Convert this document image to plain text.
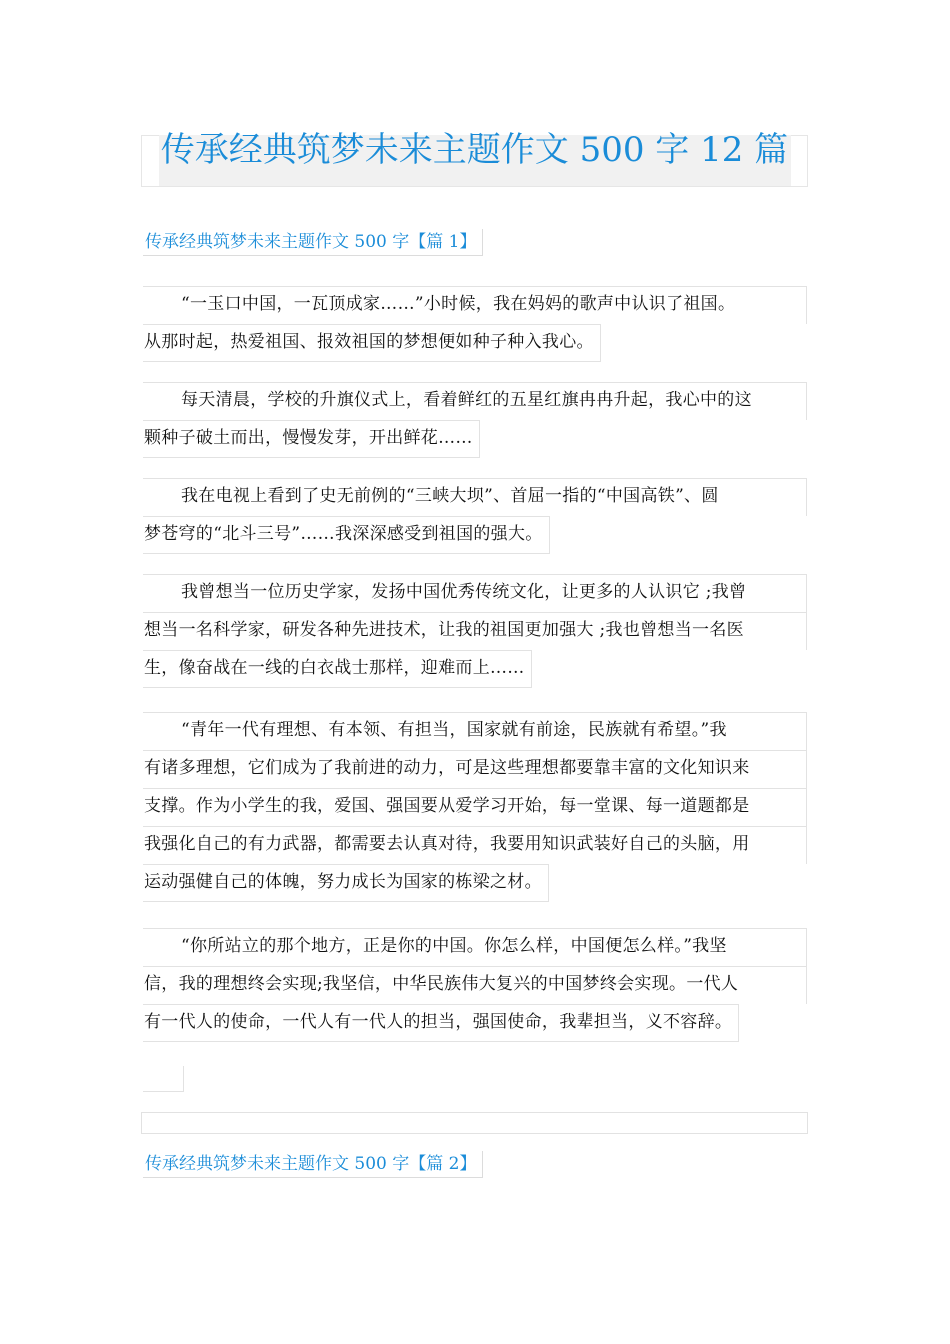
传承经典筑梦未来主题作文 500 字 12 篇
传承经典筑梦未来主题作文 500 字【篇 1】
“一玉口中国，一瓦顶成家……”小时候，我在妈妈的歌声中认识了祖国。
从那时起，热爱祖国、报效祖国的梦想便如种子种入我心。
每天清晨，学校的升旗仪式上，看着鲜红的五星红旗冉冉升起，我心中的这
颗种子破土而出，慢慢发芽，开出鲜花……
我在电视上看到了史无前例的“三峡大坝”、首屈一指的“中国高铁”、圆
梦苍穹的“北斗三号”……我深深感受到祖国的强大。
我曾想当一位历史学家，发扬中国优秀传统文化，让更多的人认识它 ;我曾
想当一名科学家，研发各种先进技术，让我的祖国更加强大 ;我也曾想当一名医
生，像奋战在一线的白衣战士那样，迎难而上……
“青年一代有理想、有本领、有担当，国家就有前途，民族就有希望。”我
有诸多理想，它们成为了我前进的动力，可是这些理想都要靠丰富的文化知识来
支撑。作为小学生的我，爱国、强国要从爱学习开始，每一堂课、每一道题都是
我强化自己的有力武器，都需要去认真对待，我要用知识武装好自己的头脑，用
运动强健自己的体魄，努力成长为国家的栋梁之材。
“你所站立的那个地方，正是你的中国。你怎么样，中国便怎么样。”我坚
信，我的理想终会实现;我坚信，中华民族伟大复兴的中国梦终会实现。一代人
有一代人的使命，一代人有一代人的担当，强国使命，我辈担当，义不容辞。
传承经典筑梦未来主题作文 500 字【篇 2】
